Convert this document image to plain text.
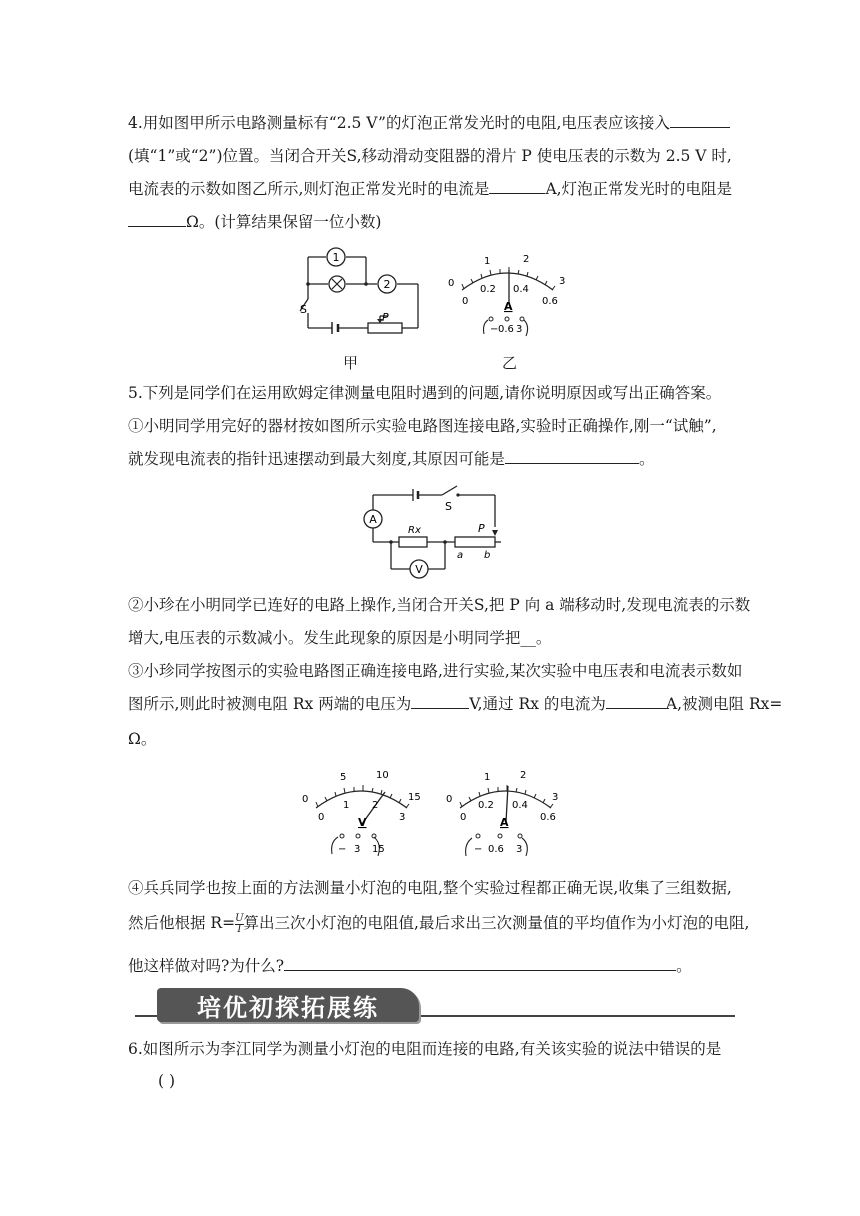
4.用如图甲所示电路测量标有“2.5 V”的灯泡正常发光时的电阻,电压表应该接入
(填“1”或“2”)位置。当闭合开关S,移动滑动变阻器的滑片 P 使电压表的示数为 2.5 V 时,
电流表的示数如图乙所示,则灯泡正常发光时的电流是	A,灯泡正常发光时的电阻是
Ω。(计算结果保留一位小数)
1
2
S
P
甲
0
1	2
3
0
0.2 0.4
0.6
A
− 0.6 3
乙
5.下列是同学们在运用欧姆定律测量电阻时遇到的问题,请你说明原因或写出正确答案。
①小明同学用完好的器材按如图所示实验电路图连接电路,实验时正确操作,刚一“试触”,
就发现电流表的指针迅速摆动到最大刻度,其原因可能是	。
A
V
S
P
Rx
a b
②小珍在小明同学已连好的电路上操作,当闭合开关S,把 P 向 a 端移动时,发现电流表的示数
增大,电压表的示数减小。发生此现象的原因是小明同学把__。
③小珍同学按图示的实验电路图正确连接电路,进行实验,某次实验中电压表和电流表示数如
图所示,则此时被测电阻 Rx 两端的电压为	V,通过 Rx 的电流为	A,被测电阻 Rx=
Ω。
0
5	10
15
0
1 2
3
V
− 3 15
0
1	2
3
0
0.2 0.4
0.6
A
− 0.6 3
④兵兵同学也按上面的方法测量小灯泡的电阻,整个实验过程都正确无误,收集了三组数据,
然后他根据 $R= \frac{U}{I}$ 算出三次小灯泡的电阻值,最后求出三次测量值的平均值作为小灯泡的电阻,
他这样做对吗?为什么?	。
培优初探拓展练
6.如图所示为李江同学为测量小灯泡的电阻而连接的电路,有关该实验的说法中错误的是
( )
